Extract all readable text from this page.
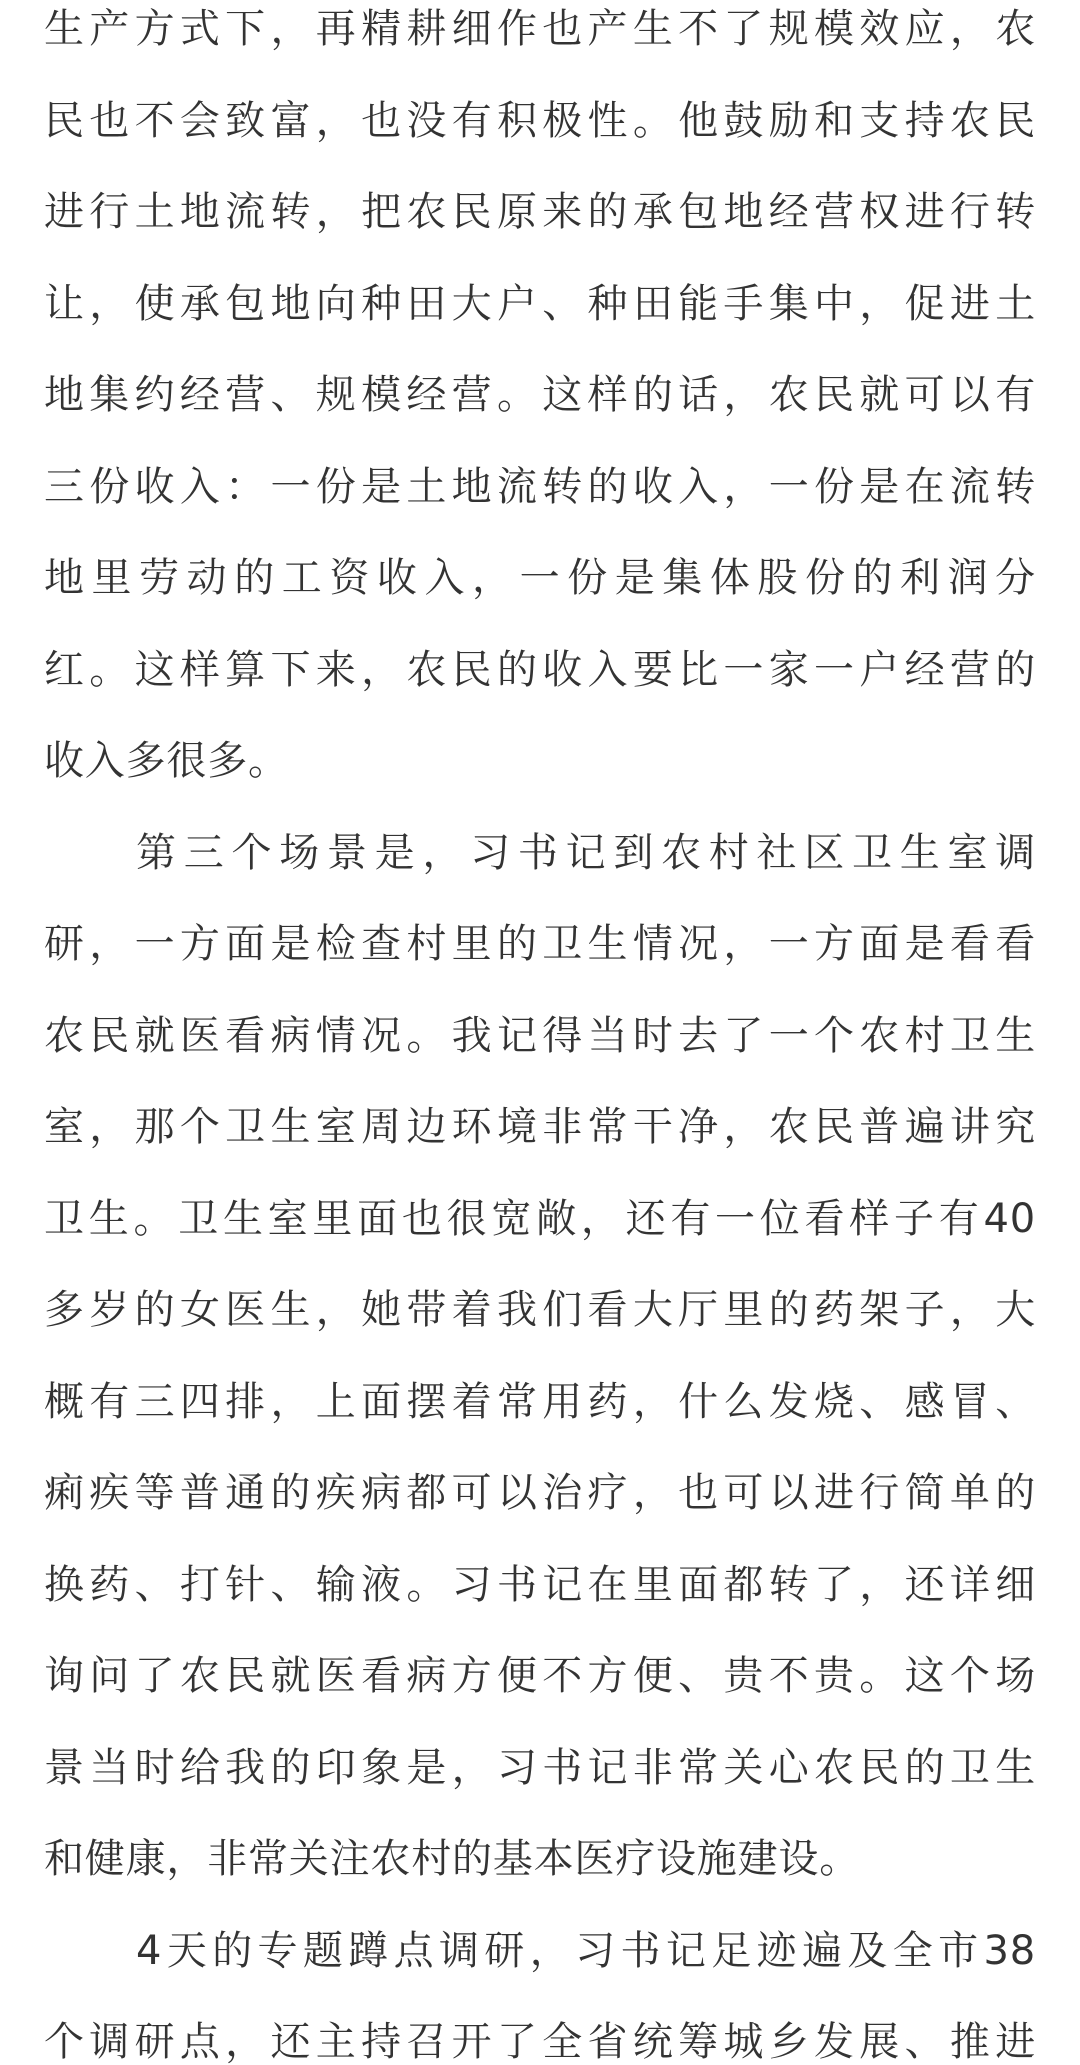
生产方式下，再精耕细作也产生不了规模效应，农
民也不会致富，也没有积极性。他鼓励和支持农民
进行土地流转，把农民原来的承包地经营权进行转
让，使承包地向种田大户、种田能手集中，促进土
地集约经营、规模经营。这样的话，农民就可以有
三份收入：一份是土地流转的收入，一份是在流转
地里劳动的工资收入，一份是集体股份的利润分
红。这样算下来，农民的收入要比一家一户经营的
收入多很多。
第三个场景是，习书记到农村社区卫生室调
研，一方面是检查村里的卫生情况，一方面是看看
农民就医看病情况。我记得当时去了一个农村卫生
室，那个卫生室周边环境非常干净，农民普遍讲究
卫生。卫生室里面也很宽敞，还有一位看样子有40
多岁的女医生，她带着我们看大厅里的药架子，大
概有三四排，上面摆着常用药，什么发烧、感冒、
痢疾等普通的疾病都可以治疗，也可以进行简单的
换药、打针、输液。习书记在里面都转了，还详细
询问了农民就医看病方便不方便、贵不贵。这个场
景当时给我的印象是，习书记非常关心农民的卫生
和健康，非常关注农村的基本医疗设施建设。
4天的专题蹲点调研，习书记足迹遍及全市38
个调研点，还主持召开了全省统筹城乡发展、推进
